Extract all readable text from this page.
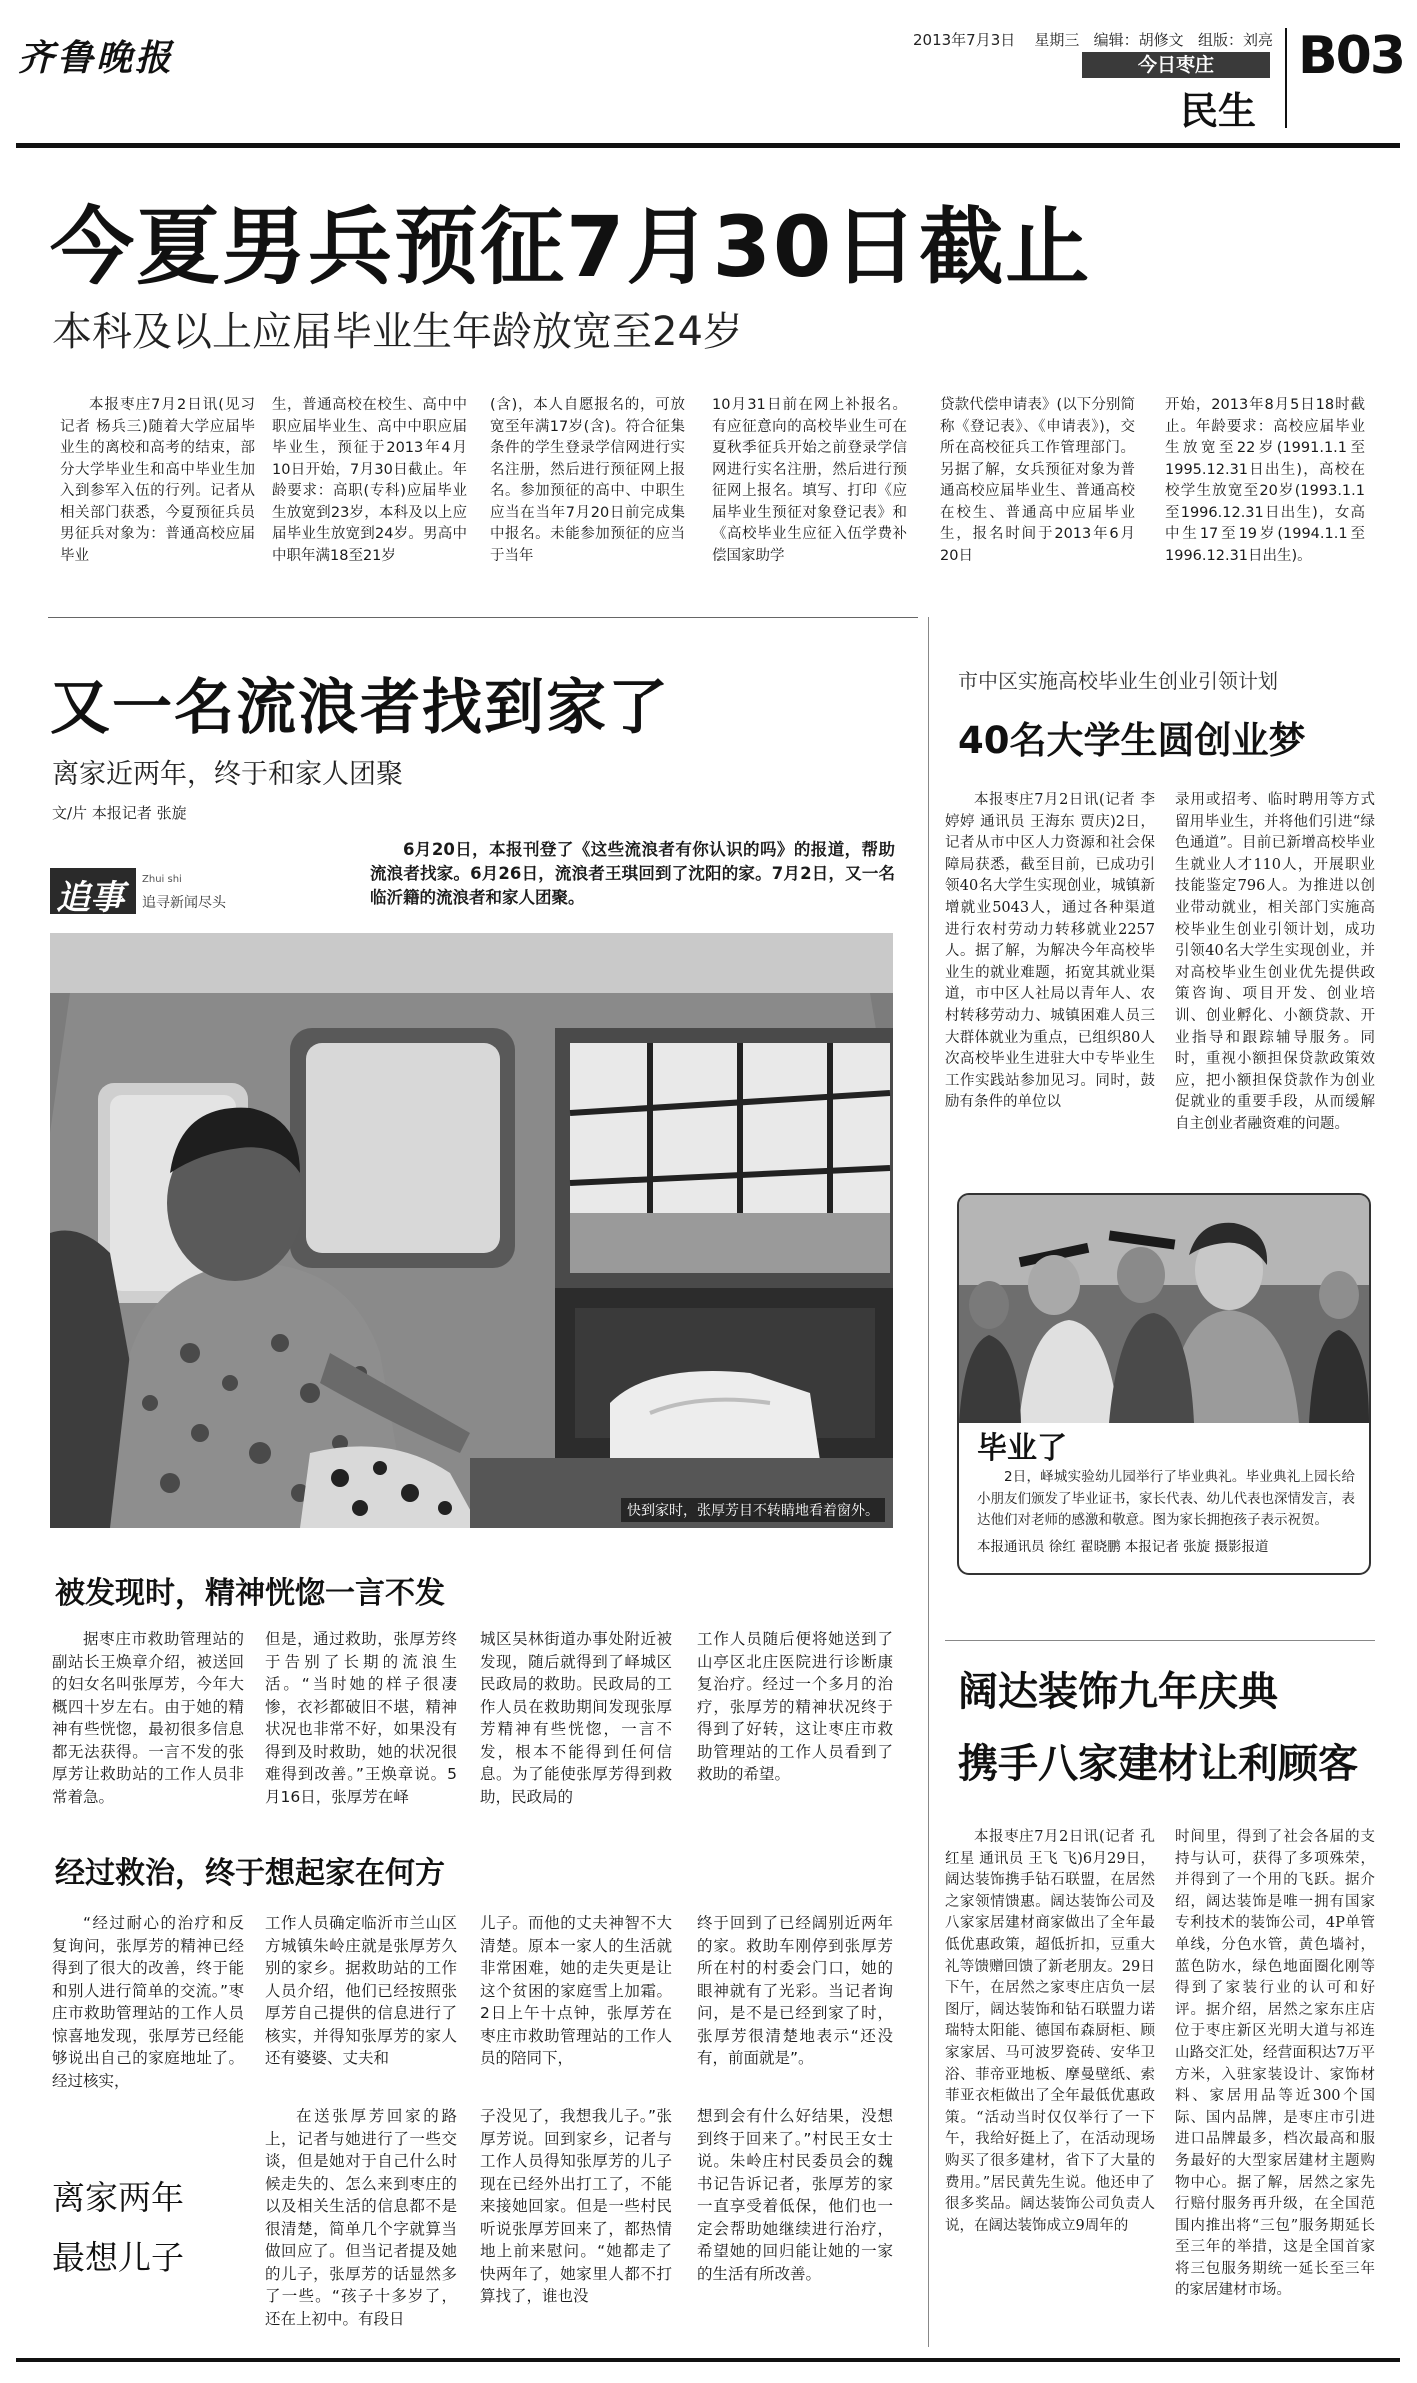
齐鲁晚报	2013年7月3日 星期三 编辑：胡修文 组版：刘亮
今日枣庄
民生
B03
今夏男兵预征7月30日截止
本科及以上应届毕业生年龄放宽至24岁

本报枣庄7月2日讯(见习记者 杨兵三)随着大学应届毕业生的离校和高考的结束，部分大学毕业生和高中毕业生加入到参军入伍的行列。记者从相关部门获悉，今夏预征兵员男征兵对象为：普通高校应届毕业

生，普通高校在校生、高中中职应届毕业生、高中中职应届毕业生，预征于2013年4月10日开始，7月30日截止。年龄要求：高职(专科)应届毕业生放宽到23岁，本科及以上应届毕业生放宽到24岁。男高中中职年满18至21岁

(含)，本人自愿报名的，可放宽至年满17岁(含)。符合征集条件的学生登录学信网进行实名注册，然后进行预征网上报名。参加预征的高中、中职生应当在当年7月20日前完成集中报名。未能参加预征的应当于当年

10月31日前在网上补报名。有应征意向的高校毕业生可在夏秋季征兵开始之前登录学信网进行实名注册，然后进行预征网上报名。填写、打印《应届毕业生预征对象登记表》和《高校毕业生应征入伍学费补偿国家助学

贷款代偿申请表》(以下分别简称《登记表》、《申请表》)，交所在高校征兵工作管理部门。另据了解，女兵预征对象为普通高校应届毕业生、普通高校在校生、普通高中应届毕业生，报名时间于2013年6月20日

开始，2013年8月5日18时截止。年龄要求：高校应届毕业生放宽至22岁(1991.1.1至1995.12.31日出生)，高校在校学生放宽至20岁(1993.1.1至1996.12.31日出生)，女高中生17至19岁(1994.1.1至1996.12.31日出生)。

又一名流浪者找到家了
离家近两年，终于和家人团聚
文/片 本报记者 张旋
追事 Zhui shi
追寻新闻尽头

6月20日，本报刊登了《这些流浪者有你认识的吗》的报道，帮助流浪者找家。6月26日，流浪者王琪回到了沈阳的家。7月2日，又一名临沂籍的流浪者和家人团聚。

快到家时，张厚芳目不转睛地看着窗外。
被发现时，精神恍惚一言不发

据枣庄市救助管理站的副站长王焕章介绍，被送回的妇女名叫张厚芳，今年大概四十岁左右。由于她的精神有些恍惚，最初很多信息都无法获得。一言不发的张厚芳让救助站的工作人员非常着急。

但是，通过救助，张厚芳终于告别了长期的流浪生活。“当时她的样子很凄惨，衣衫都破旧不堪，精神状况也非常不好，如果没有得到及时救助，她的状况很难得到改善。”王焕章说。5月16日，张厚芳在峄

城区吴林街道办事处附近被发现，随后就得到了峄城区民政局的救助。民政局的工作人员在救助期间发现张厚芳精神有些恍惚，一言不发，根本不能得到任何信息。为了能使张厚芳得到救助，民政局的

工作人员随后便将她送到了山亭区北庄医院进行诊断康复治疗。经过一个多月的治疗，张厚芳的精神状况终于得到了好转，这让枣庄市救助管理站的工作人员看到了救助的希望。

经过救治，终于想起家在何方

“经过耐心的治疗和反复询问，张厚芳的精神已经得到了很大的改善，终于能和别人进行简单的交流。”枣庄市救助管理站的工作人员惊喜地发现，张厚芳已经能够说出自己的家庭地址了。经过核实，

工作人员确定临沂市兰山区方城镇朱岭庄就是张厚芳久别的家乡。据救助站的工作人员介绍，他们已经按照张厚芳自己提供的信息进行了核实，并得知张厚芳的家人还有婆婆、丈夫和

儿子。而他的丈夫神智不大清楚。原本一家人的生活就非常困难，她的走失更是让这个贫困的家庭雪上加霜。2日上午十点钟，张厚芳在枣庄市救助管理站的工作人员的陪同下，

终于回到了已经阔别近两年的家。救助车刚停到张厚芳所在村的村委会门口，她的眼神就有了光彩。当记者询问，是不是已经到家了时，张厚芳很清楚地表示“还没有，前面就是”。

离家两年
最想儿子

在送张厚芳回家的路上，记者与她进行了一些交谈，但是她对于自己什么时候走失的、怎么来到枣庄的以及相关生活的信息都不是很清楚，简单几个字就算当做回应了。但当记者提及她的儿子，张厚芳的话显然多了一些。“孩子十多岁了，还在上初中。有段日

子没见了，我想我儿子。”张厚芳说。回到家乡，记者与工作人员得知张厚芳的儿子现在已经外出打工了，不能来接她回家。但是一些村民听说张厚芳回来了，都热情地上前来慰问。“她都走了快两年了，她家里人都不打算找了，谁也没

想到会有什么好结果，没想到终于回来了。”村民王女士说。朱岭庄村民委员会的魏书记告诉记者，张厚芳的家一直享受着低保，他们也一定会帮助她继续进行治疗，希望她的回归能让她的一家的生活有所改善。

市中区实施高校毕业生创业引领计划
40名大学生圆创业梦

本报枣庄7月2日讯(记者 李婷婷 通讯员 王海东 贾庆)2日，记者从市中区人力资源和社会保障局获悉，截至目前，已成功引领40名大学生实现创业，城镇新增就业5043人，通过各种渠道进行农村劳动力转移就业2257人。据了解，为解决今年高校毕业生的就业难题，拓宽其就业渠道，市中区人社局以青年人、农村转移劳动力、城镇困难人员三大群体就业为重点，已组织80人次高校毕业生进驻大中专毕业生工作实践站参加见习。同时，鼓励有条件的单位以

录用或招考、临时聘用等方式留用毕业生，并将他们引进“绿色通道”。目前已新增高校毕业生就业人才110人，开展职业技能鉴定796人。为推进以创业带动就业，相关部门实施高校毕业生创业引领计划，成功引领40名大学生实现创业，并对高校毕业生创业优先提供政策咨询、项目开发、创业培训、创业孵化、小额贷款、开业指导和跟踪辅导服务。同时，重视小额担保贷款政策效应，把小额担保贷款作为创业促就业的重要手段，从而缓解自主创业者融资难的问题。

毕业了

2日，峄城实验幼儿园举行了毕业典礼。毕业典礼上园长给小朋友们颁发了毕业证书，家长代表、幼儿代表也深情发言，表达他们对老师的感激和敬意。图为家长拥抱孩子表示祝贺。

本报通讯员 徐红 翟晓鹏 本报记者 张旋 摄影报道
阔达装饰九年庆典
携手八家建材让利顾客

本报枣庄7月2日讯(记者 孔红星 通讯员 王飞 飞)6月29日，阔达装饰携手钻石联盟，在居然之家领情馈惠。阔达装饰公司及八家家居建材商家做出了全年最低优惠政策，超低折扣，豆重大礼等馈赠回馈了新老朋友。29日下午，在居然之家枣庄店负一层图厅，阔达装饰和钻石联盟力诺瑞特太阳能、德国布森厨柜、顾家家居、马可波罗瓷砖、安华卫浴、菲帝亚地板、摩曼壁纸、索菲亚衣柜做出了全年最低优惠政策。“活动当时仅仅举行了一下午，我给好挺上了，在活动现场购买了很多建材，省下了大量的费用。”居民黄先生说。他还申了很多奖品。阔达装饰公司负责人说，在阔达装饰成立9周年的

时间里，得到了社会各届的支持与认可，获得了多项殊荣，并得到了一个用的飞跃。据介绍，阔达装饰是唯一拥有国家专利技术的装饰公司，4P单管单线，分色水管，黄色墙衬，蓝色防水，绿色地面圈化刚等得到了家装行业的认可和好评。据介绍，居然之家东庄店位于枣庄新区光明大道与祁连山路交汇处，经营面积达7万平方米，入驻家装设计、家饰材料、家居用品等近300个国际、国内品牌，是枣庄市引进进口品牌最多，档次最高和服务最好的大型家居建材主题购物中心。据了解，居然之家先行赔付服务再升级，在全国范围内推出将“三包”服务期延长至三年的举措，这是全国首家将三包服务期统一延长至三年的家居建材市场。
